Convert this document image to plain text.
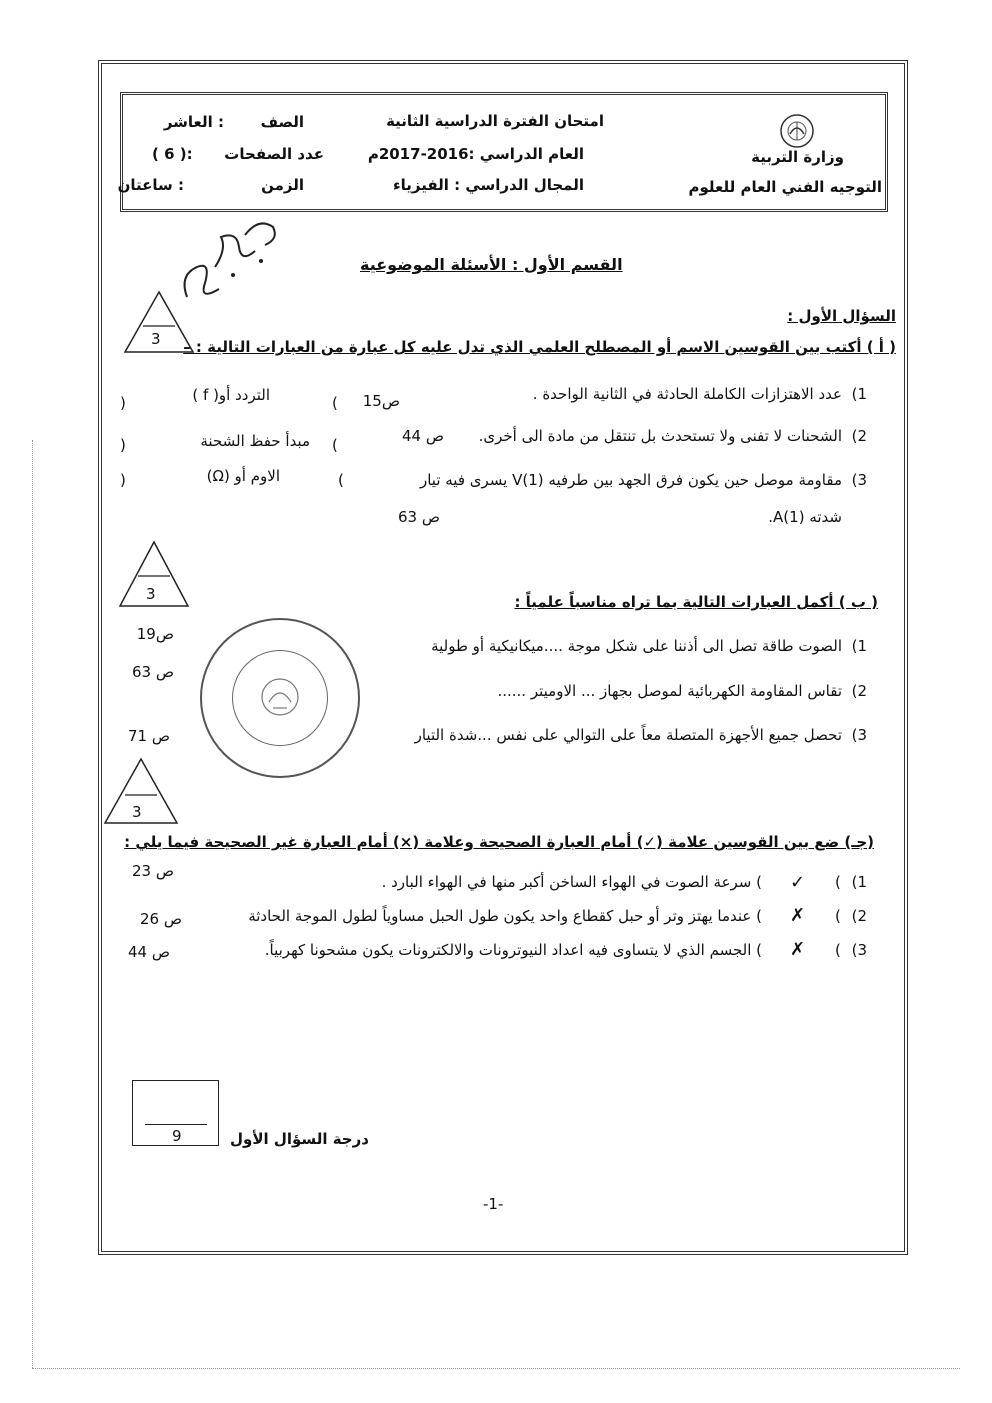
وزارة التربية
التوجيه الفني العام للعلوم
امتحان الفترة الدراسية الثانية
العام الدراسي :2016-2017م
المجال الدراسي : الفيزياء
الصف
: العاشر
عدد الصفحات
( 6 ):
الزمن
: ساعتان
القسم الأول : الأسئلة الموضوعية
السؤال الأول :
3
3
3
( أ ) أكتب بين القوسين الاسم أو المصطلح العلمي الذي تدل عليه كل عبارة من العبارات التالية : –
1)
عدد الاهتزازات الكاملة الحادثة في الثانية الواحدة .
ص15
(
التردد أو( f )
)
2)
الشحنات لا تفنى ولا تستحدث بل تنتقل من مادة الى أخرى.
ص 44
(
مبدأ حفظ الشحنة
)
3)
مقاومة موصل حين يكون فرق الجهد بين طرفيه V(1) يسرى فيه تيار
شدته A(1).
ص 63
(
الاوم أو (Ω)
)
( ب ) أكمل العبارات التالية بما تراه مناسباً علمياً :
1)
الصوت طاقة تصل الى أذننا على شكل موجة ....ميكانيكية أو طولية
ص19
2)
تقاس المقاومة الكهربائية لموصل بجهاز ... الاوميتر ......
ص 63
3)
تحصل جميع الأجهزة المتصلة معاً على التوالي على نفس ...شدة التيار
ص 71
(جـ) ضع بين القوسين علامة (✓) أمام العبارة الصحيحة وعلامة (×) أمام العبارة غير الصحيحة فيما يلي :
1)
(
✓
) سرعة الصوت في الهواء الساخن أكبر منها في الهواء البارد .
ص 23
2)
(
✗
) عندما يهتز وتر أو حبل كقطاع واحد يكون طول الحبل مساوياً لطول الموجة الحادثة
ص 26
3)
(
✗
) الجسم الذي لا يتساوى فيه اعداد النيوترونات والالكترونات يكون مشحونا كهربياً.
ص 44
9	درجة السؤال الأول
-1-
